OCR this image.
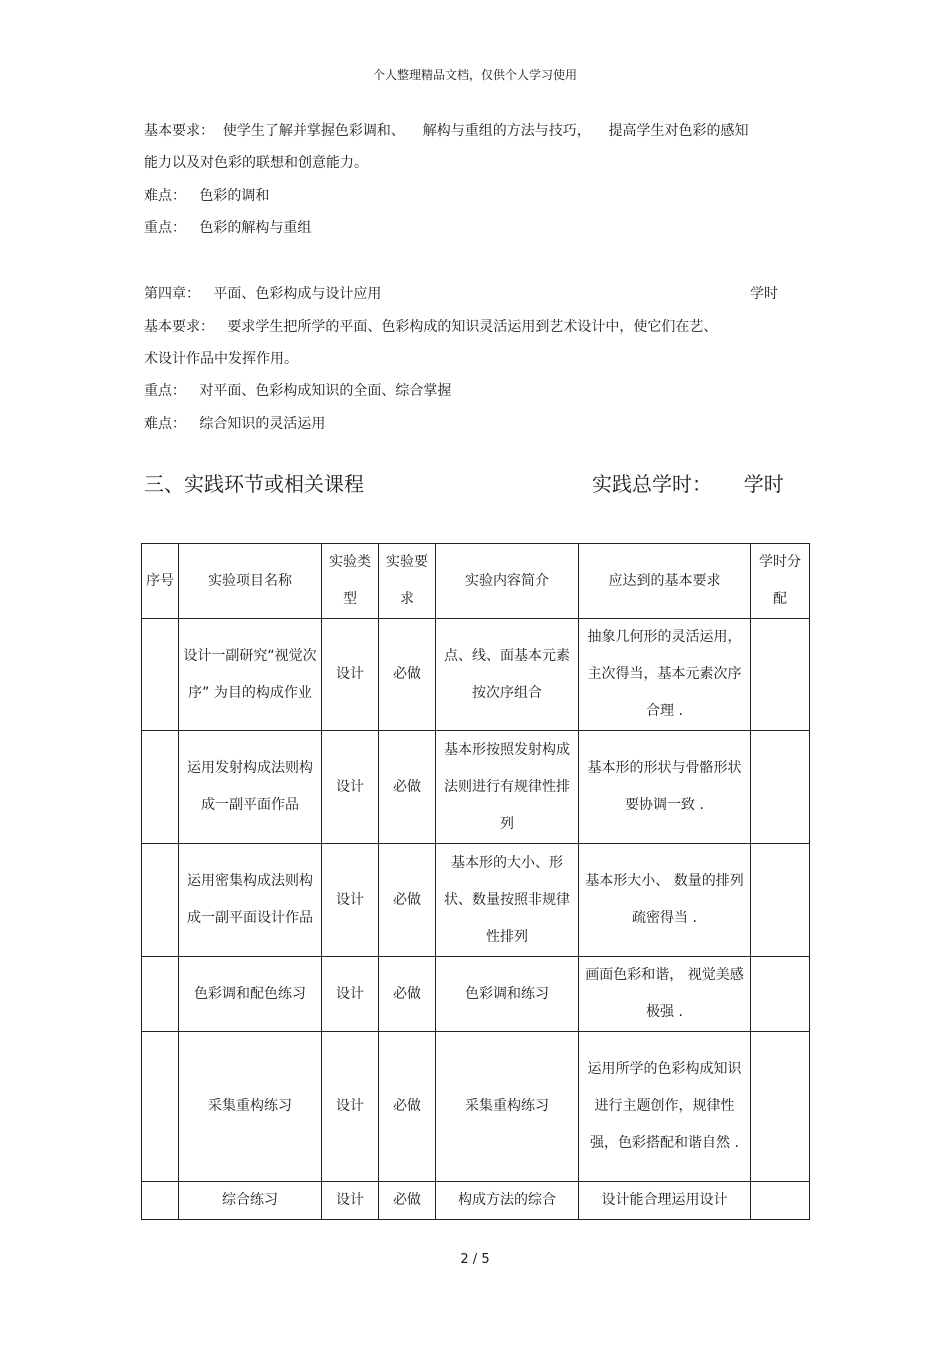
个人整理精品文档，仅供个人学习使用
基本要求：  使学生了解并掌握色彩调和、    解构与重组的方法与技巧，    提高学生对色彩的感知
能力以及对色彩的联想和创意能力。
难点：   色彩的调和
重点：   色彩的解构与重组
第四章：   平面、色彩构成与设计应用	学时
基本要求：   要求学生把所学的平面、色彩构成的知识灵活运用到艺术设计中，使它们在艺、
术设计作品中发挥作用。
重点：   对平面、色彩构成知识的全面、综合掌握
难点：   综合知识的灵活运用
三、实践环节或相关课程	实践总学时：     学时
序号	实验项目名称	实验类型	实验要求	实验内容简介	应达到的基本要求	学时分配
	设计一副研究“视觉次序” 为目的构成作业	设计	必做	点、线、面基本元素按次序组合	抽象几何形的灵活运用，主次得当，基本元素次序合理 .	
	运用发射构成法则构成一副平面作品	设计	必做	基本形按照发射构成法则进行有规律性排列	基本形的形状与骨骼形状要协调一致 .	
	运用密集构成法则构成一副平面设计作品	设计	必做	基本形的大小、形状、数量按照非规律性排列	基本形大小、 数量的排列疏密得当 .	
	色彩调和配色练习	设计	必做	色彩调和练习	画面色彩和谐， 视觉美感极强 .	
	采集重构练习	设计	必做	采集重构练习	运用所学的色彩构成知识进行主题创作，规律性强，色彩搭配和谐自然 .	
	综合练习	设计	必做	构成方法的综合	设计能合理运用设计	
2 / 5
